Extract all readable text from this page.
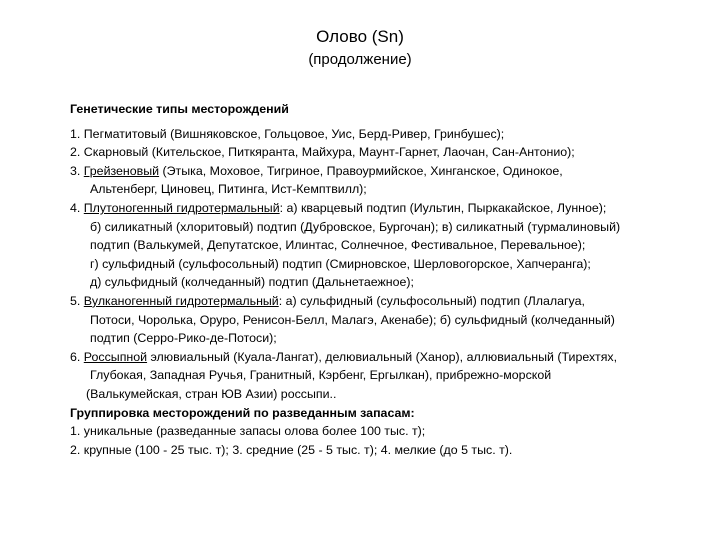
Олово (Sn)
(продолжение)
Генетические типы месторождений
1. Пегматитовый (Вишняковское, Гольцовое, Уис, Берд-Ривер, Гринбушес);
2. Скарновый (Кительское, Питкяранта, Майхура, Маунт-Гарнет, Лаочан, Сан-Антонио);
3. Грейзеновый (Этыка, Моховое, Тигриное, Правоурмийское, Хинганское, Одинокое,
Альтенберг, Циновец, Питинга, Ист-Кемптвилл);
4. Плутоногенный гидротермальный: а) кварцевый подтип (Иультин, Пыркакайское, Лунное);
б) силикатный (хлоритовый) подтип (Дубровское, Бургочан); в) силикатный (турмалиновый)
подтип (Валькумей, Депутатское, Илинтас, Солнечное, Фестивальное, Перевальное);
г) сульфидный (сульфосольный) подтип (Смирновское, Шерловогорское, Хапчеранга);
д) сульфидный (колчеданный) подтип (Дальнетаежное);
5. Вулканогенный гидротермальный: а) сульфидный (сульфосольный) подтип (Ллалагуа,
Потоси, Чоролька, Оруро, Ренисон-Белл, Малагэ, Акенабе); б) сульфидный (колчеданный)
подтип (Серро-Рико-де-Потоси);
6. Россыпной элювиальный (Куала-Лангат), делювиальный (Ханор), аллювиальный (Тирехтях,
Глубокая, Западная Ручья, Гранитный, Кэрбенг, Ергылкан), прибрежно-морской
(Валькумейская, стран ЮВ Азии) россыпи..
Группировка месторождений по разведанным запасам:
1. уникальные (разведанные запасы олова более 100 тыс. т);
2. крупные (100 - 25 тыс. т); 3. средние (25 - 5 тыс. т); 4. мелкие (до 5 тыс. т).
